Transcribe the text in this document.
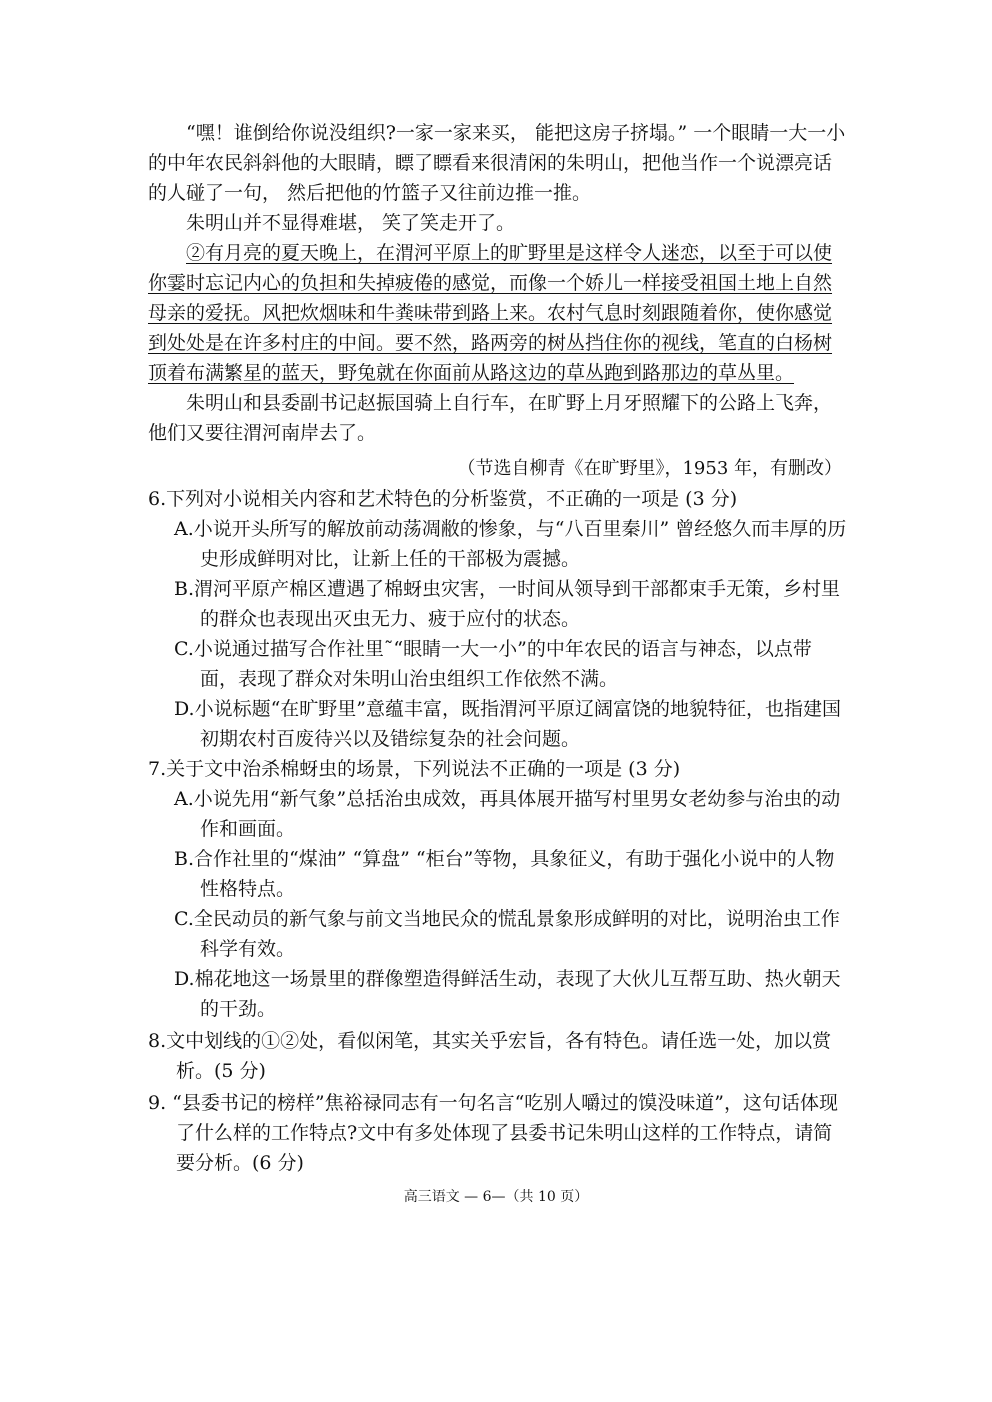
“嘿！谁倒给你说没组织?一家一家来买， 能把这房子挤塌。” 一个眼睛一大一小的中年农民斜斜他的大眼睛，瞟了瞟看来很清闲的朱明山，把他当作一个说漂亮话的人碰了一句， 然后把他的竹篮子又往前边推一推。

朱明山并不显得难堪， 笑了笑走开了。

②有月亮的夏天晚上，在渭河平原上的旷野里是这样令人迷恋，以至于可以使你霎时忘记内心的负担和失掉疲倦的感觉，而像一个娇儿一样接受祖国土地上自然母亲的爱抚。风把炊烟味和牛粪味带到路上来。农村气息时刻跟随着你，使你感觉到处处是在许多村庄的中间。要不然，路两旁的树丛挡住你的视线，笔直的白杨树顶着布满繁星的蓝天，野兔就在你面前从路这边的草丛跑到路那边的草丛里。

朱明山和县委副书记赵振国骑上自行车，在旷野上月牙照耀下的公路上飞奔，他们又要往渭河南岸去了。

（节选自柳青《在旷野里》，1953 年，有删改）

6.下列对小说相关内容和艺术特色的分析鉴赏，不正确的一项是 (3 分)

A.小说开头所写的解放前动荡凋敝的惨象，与“八百里秦川” 曾经悠久而丰厚的历史形成鲜明对比，让新上任的干部极为震撼。

B.渭河平原产棉区遭遇了棉蚜虫灾害，一时间从领导到干部都束手无策，乡村里的群众也表现出灭虫无力、疲于应付的状态。

C.小说通过描写合作社里˜“眼睛一大一小”的中年农民的语言与神态，以点带面，表现了群众对朱明山治虫组织工作依然不满。

D.小说标题“在旷野里”意蕴丰富，既指渭河平原辽阔富饶的地貌特征，也指建国初期农村百废待兴以及错综复杂的社会问题。

7.关于文中治杀棉蚜虫的场景，下列说法不正确的一项是 (3 分)

A.小说先用“新气象”总括治虫成效，再具体展开描写村里男女老幼参与治虫的动作和画面。

B.合作社里的“煤油” “算盘” “柜台”等物，具象征义，有助于强化小说中的人物性格特点。

C.全民动员的新气象与前文当地民众的慌乱景象形成鲜明的对比，说明治虫工作科学有效。

D.棉花地这一场景里的群像塑造得鲜活生动，表现了大伙儿互帮互助、热火朝天的干劲。

8.文中划线的①②处，看似闲笔，其实关乎宏旨，各有特色。请任选一处，加以赏析。(5 分)

9. “县委书记的榜样”焦裕禄同志有一句名言“吃别人嚼过的馍没味道”，这句话体现了什么样的工作特点?文中有多处体现了县委书记朱明山这样的工作特点，请简要分析。(6 分)

高三语文 — 6—（共 10 页）
